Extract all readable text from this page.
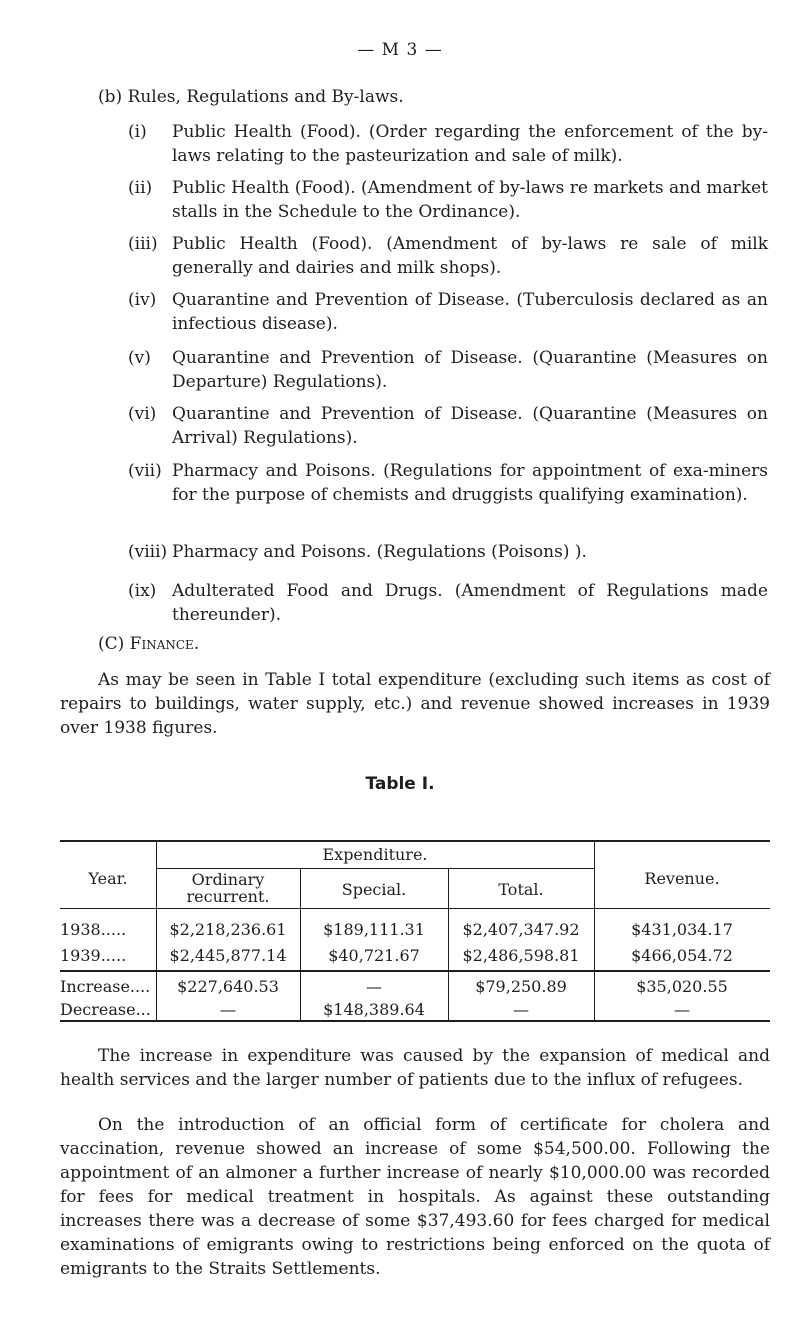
— M 3 —
(b) Rules, Regulations and By-laws.
(i) Public Health (Food). (Order regarding the enforcement of the by-laws relating to the pasteurization and sale of milk).
(ii) Public Health (Food). (Amendment of by-laws re markets and market stalls in the Schedule to the Ordinance).
(iii) Public Health (Food). (Amendment of by-laws re sale of milk generally and dairies and milk shops).
(iv) Quarantine and Prevention of Disease. (Tuberculosis declared as an infectious disease).
(v) Quarantine and Prevention of Disease. (Quarantine (Measures on Departure) Regulations).
(vi) Quarantine and Prevention of Disease. (Quarantine (Measures on Arrival) Regulations).
(vii) Pharmacy and Poisons. (Regulations for appointment of exa-miners for the purpose of chemists and druggists qualifying examination).
(viii) Pharmacy and Poisons. (Regulations (Poisons) ).
(ix) Adulterated Food and Drugs. (Amendment of Regulations made thereunder).
(C) Finance.
As may be seen in Table I total expenditure (excluding such items as cost of repairs to buildings, water supply, etc.) and revenue showed increases in 1939 over 1938 figures.
Table I.
Year.
Expenditure.
Ordinary recurrent.	Special.	Total.
Revenue.
1938.....	$2,218,236.61	$189,111.31	$2,407,347.92	$431,034.17
1939.....	$2,445,877.14	$40,721.67	$2,486,598.81	$466,054.72
Increase....	$227,640.53	—	$79,250.89	$35,020.55
Decrease...	—	$148,389.64	—	—
The increase in expenditure was caused by the expansion of medical and health services and the larger number of patients due to the influx of refugees.
On the introduction of an official form of certificate for cholera and vaccination, revenue showed an increase of some $54,500.00. Following the appointment of an almoner a further increase of nearly $10,000.00 was recorded for fees for medical treatment in hospitals. As against these outstanding increases there was a decrease of some $37,493.60 for fees charged for medical examinations of emigrants owing to restrictions being enforced on the quota of emigrants to the Straits Settlements.
